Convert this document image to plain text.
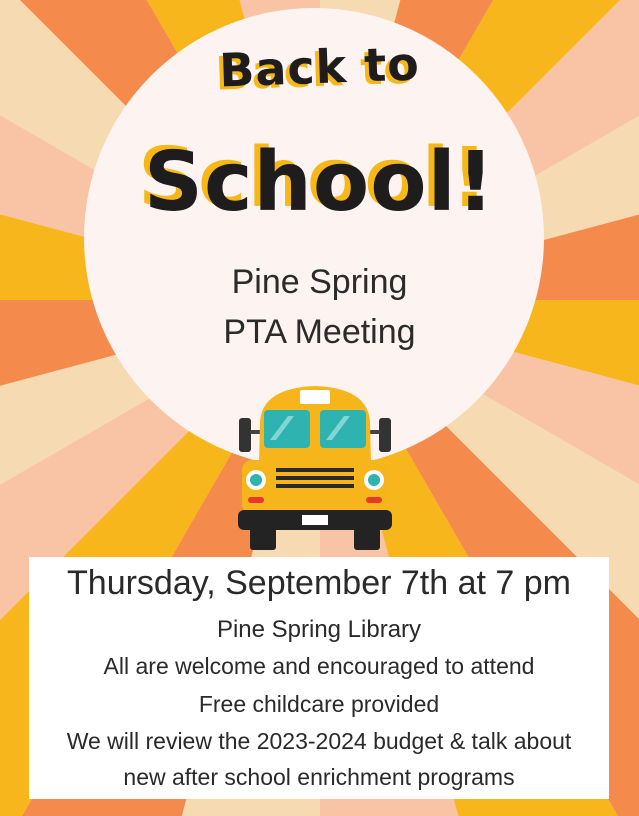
Back to
School!
Pine Spring
PTA Meeting
Thursday, September 7th at 7 pm
Pine Spring Library
All are welcome and encouraged to attend
Free childcare provided
We will review the 2023-2024 budget & talk about
new after school enrichment programs
